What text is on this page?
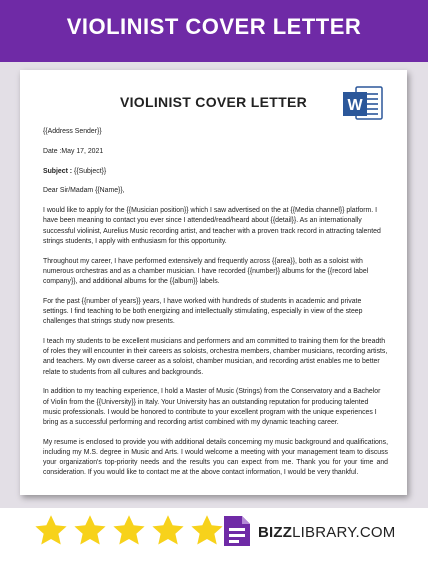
VIOLINIST COVER LETTER
VIOLINIST COVER LETTER	W

{{Address Sender}}

Date :May 17, 2021

Subject : {{Subject}}

Dear Sir/Madam {{Name}},

I would like to apply for the {{Musician position}} which I saw advertised on the at {{Media channel}} platform. I have been meaning to contact you ever since I attended/read/heard about {{detail}}. As an internationally successful violinist, Aurelius Music recording artist, and teacher with a proven track record in attracting talented strings students, I apply with enthusiasm for this opportunity.

Throughout my career, I have performed extensively and frequently across {{area}}, both as a soloist with numerous orchestras and as a chamber musician. I have recorded {{number}} albums for the {{record label company}}, and additional albums for the {{album}} labels.

For the past {{number of years}} years, I have worked with hundreds of students in academic and private settings. I find teaching to be both energizing and intellectually stimulating, especially in view of the steep challenges that strings study now presents.

I teach my students to be excellent musicians and performers and am committed to training them for the breadth of roles they will encounter in their careers as soloists, orchestra members, chamber musicians, recording artists, and teachers. My own diverse career as a soloist, chamber musician, and recording artist enables me to better relate to students from all cultures and backgrounds.

In addition to my teaching experience, I hold a Master of Music (Strings) from the Conservatory and a Bachelor of Violin from the {{University}} in Italy. Your University has an outstanding reputation for producing talented music professionals. I would be honored to contribute to your excellent program with the unique experiences I bring as a successful performing and recording artist combined with my dynamic teaching career.

My resume is enclosed to provide you with additional details concerning my music background and qualifications, including my M.S. degree in Music and Arts. I would welcome a meeting with your management team to discuss your organization's top-priority needs and the results you can expect from me. Thank you for your time and consideration. If you would like to contact me at the above contact information, I would be very thankful.

BIZZLIBRARY.COM
